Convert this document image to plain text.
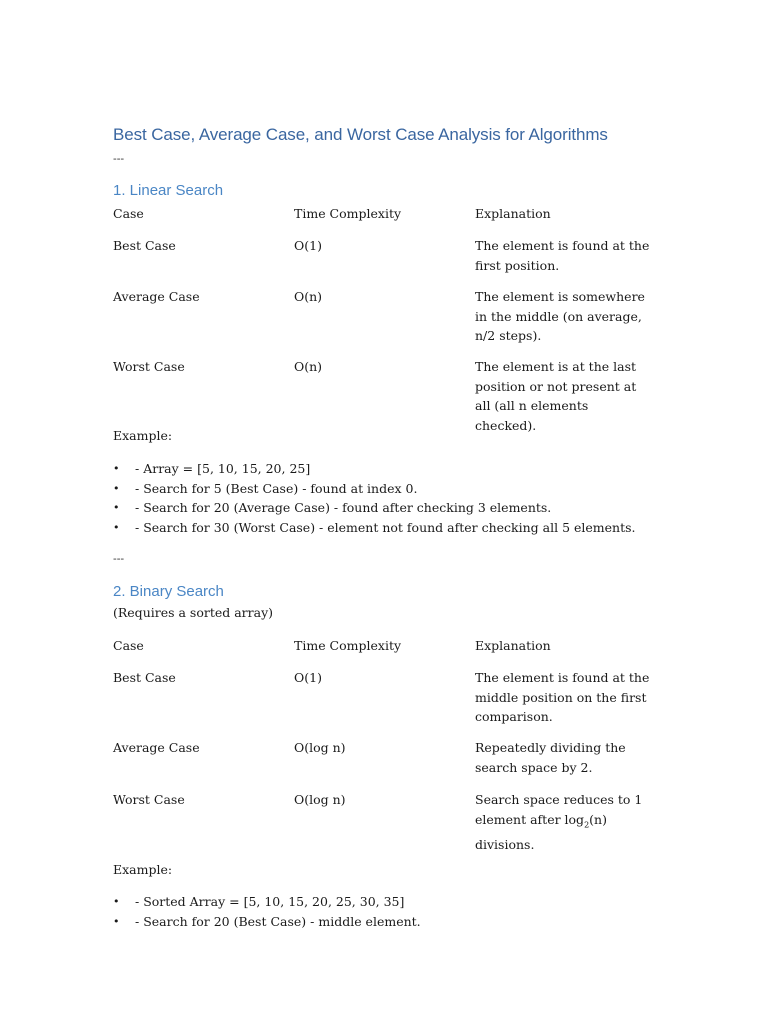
Best Case, Average Case, and Worst Case Analysis for Algorithms
---
1. Linear Search
Case	Time Complexity	Explanation
Best Case	O(1)	The element is found at the first position.
Average Case	O(n)	The element is somewhere in the middle (on average, n/2 steps).
Worst Case	O(n)	The element is at the last position or not present at all (all n elements checked).
Example:
• - Array = [5, 10, 15, 20, 25]
• - Search for 5 (Best Case) - found at index 0.
• - Search for 20 (Average Case) - found after checking 3 elements.
• - Search for 30 (Worst Case) - element not found after checking all 5 elements.
---
2. Binary Search
(Requires a sorted array)
Case	Time Complexity	Explanation
Best Case	O(1)	The element is found at the middle position on the first comparison.
Average Case	O(log n)	Repeatedly dividing the search space by 2.
Worst Case	O(log n)	Search space reduces to 1 element after $\log_2(n)$ divisions.
Example:
• - Sorted Array = [5, 10, 15, 20, 25, 30, 35]
• - Search for 20 (Best Case) - middle element.
